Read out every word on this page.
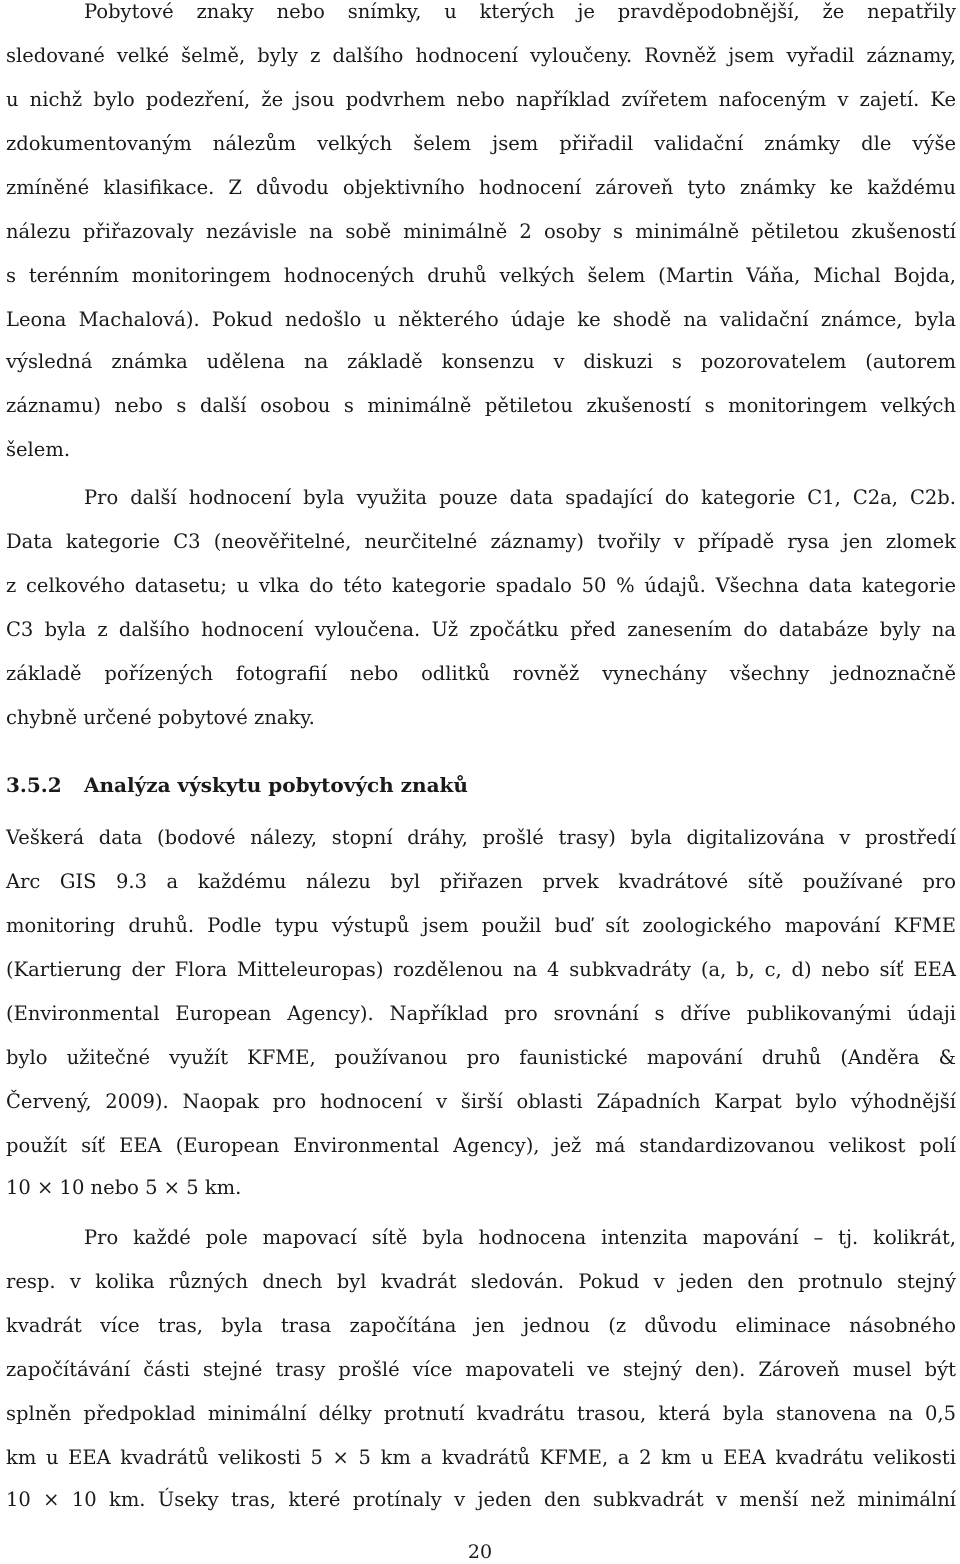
Pobytové znaky nebo snímky, u kterých je pravděpodobnější, že nepatřily
sledované velké šelmě, byly z dalšího hodnocení vyloučeny. Rovněž jsem vyřadil záznamy,
u nichž bylo podezření, že jsou podvrhem nebo například zvířetem nafoceným v zajetí. Ke
zdokumentovaným nálezům velkých šelem jsem přiřadil validační známky dle výše
zmíněné klasifikace. Z důvodu objektivního hodnocení zároveň tyto známky ke každému
nálezu přiřazovaly nezávisle na sobě minimálně 2 osoby s minimálně pětiletou zkušeností
s terénním monitoringem hodnocených druhů velkých šelem (Martin Váňa, Michal Bojda,
Leona Machalová). Pokud nedošlo u některého údaje ke shodě na validační známce, byla
výsledná známka udělena na základě konsenzu v diskuzi s pozorovatelem (autorem
záznamu) nebo s další osobou s minimálně pětiletou zkušeností s monitoringem velkých
šelem.
Pro další hodnocení byla využita pouze data spadající do kategorie C1, C2a, C2b.
Data kategorie C3 (neověřitelné, neurčitelné záznamy) tvořily v případě rysa jen zlomek
z celkového datasetu; u vlka do této kategorie spadalo 50 % údajů. Všechna data kategorie
C3 byla z dalšího hodnocení vyloučena. Už zpočátku před zanesením do databáze byly na
základě pořízených fotografií nebo odlitků rovněž vynechány všechny jednoznačně
chybně určené pobytové znaky.
3.5.2 Analýza výskytu pobytových znaků
Veškerá data (bodové nálezy, stopní dráhy, prošlé trasy) byla digitalizována v prostředí
Arc GIS 9.3 a každému nálezu byl přiřazen prvek kvadrátové sítě používané pro
monitoring druhů. Podle typu výstupů jsem použil buď sít zoologického mapování KFME
(Kartierung der Flora Mitteleuropas) rozdělenou na 4 subkvadráty (a, b, c, d) nebo síť EEA
(Environmental European Agency). Například pro srovnání s dříve publikovanými údaji
bylo užitečné využít KFME, používanou pro faunistické mapování druhů (Anděra &
Červený, 2009). Naopak pro hodnocení v širší oblasti Západních Karpat bylo výhodnější
použít síť EEA (European Environmental Agency), jež má standardizovanou velikost polí
10 × 10 nebo 5 × 5 km.
Pro každé pole mapovací sítě byla hodnocena intenzita mapování – tj. kolikrát,
resp. v kolika různých dnech byl kvadrát sledován. Pokud v jeden den protnulo stejný
kvadrát více tras, byla trasa započítána jen jednou (z důvodu eliminace násobného
započítávání části stejné trasy prošlé více mapovateli ve stejný den). Zároveň musel být
splněn předpoklad minimální délky protnutí kvadrátu trasou, která byla stanovena na 0,5
km u EEA kvadrátů velikosti 5 × 5 km a kvadrátů KFME, a 2 km u EEA kvadrátu velikosti
10 × 10 km. Úseky tras, které protínaly v jeden den subkvadrát v menší než minimální
20
